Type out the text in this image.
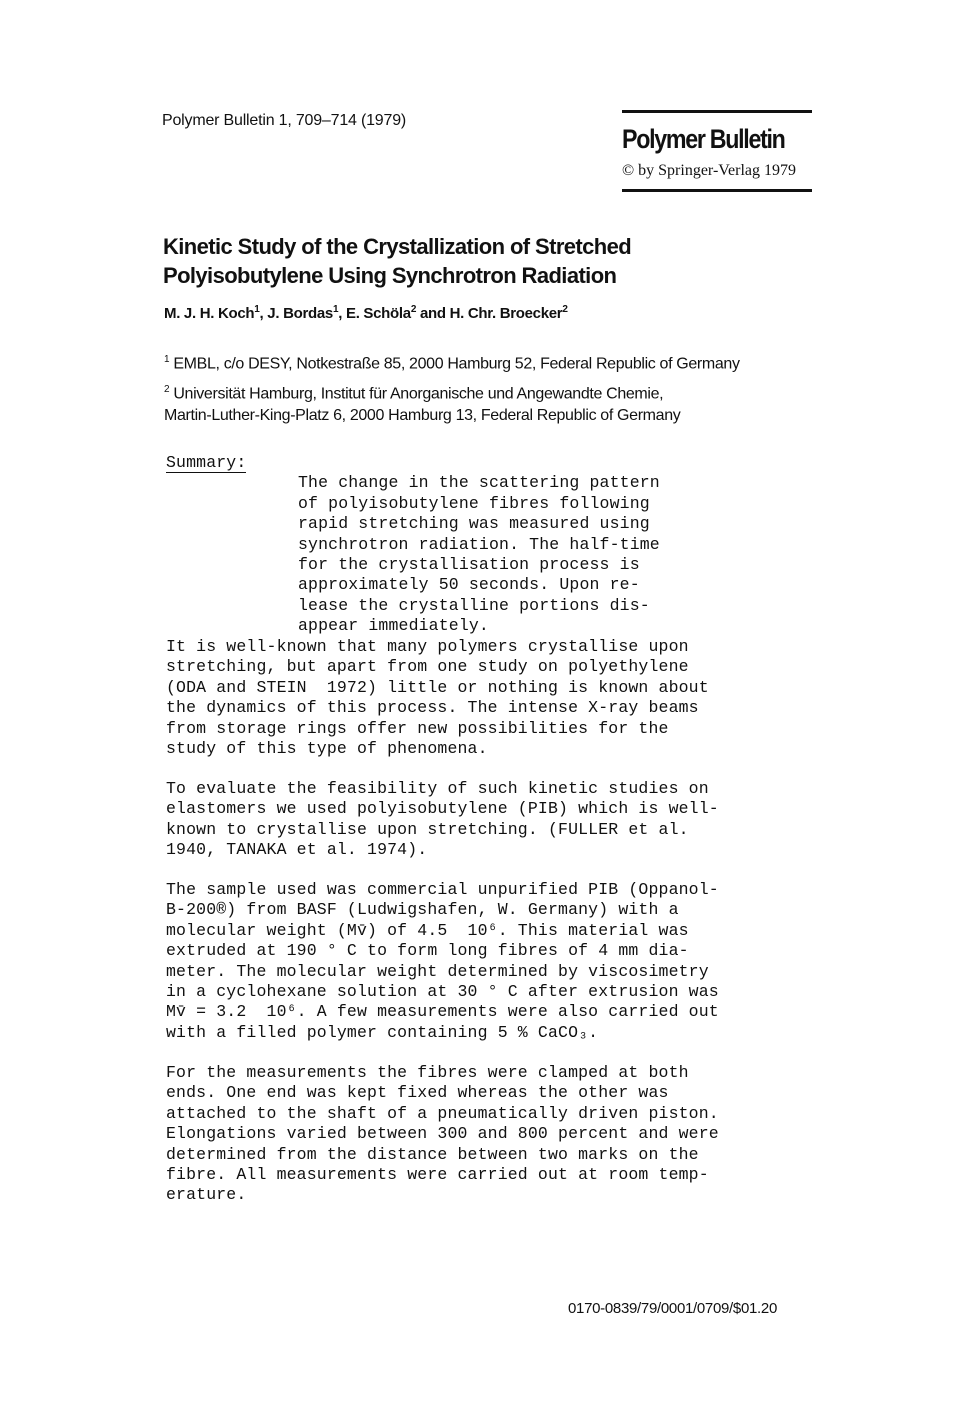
Polymer Bulletin 1, 709–714 (1979)
Polymer Bulletin
© by Springer-Verlag 1979
Kinetic Study of the Crystallization of Stretched
Polyisobutylene Using Synchrotron Radiation
M. J. H. Koch$^1$, J. Bordas$^1$, E. Schöla$^2$ and H. Chr. Broecker$^2$
$^1$ EMBL, c/o DESY, Notkestraße 85, 2000 Hamburg 52, Federal Republic of Germany
$^2$ Universität Hamburg, Institut für Anorganische und Angewandte Chemie,
Martin-Luther-King-Platz 6, 2000 Hamburg 13, Federal Republic of Germany
Summary:

The change in the scattering pattern
of polyisobutylene fibres following
rapid stretching was measured using
synchrotron radiation. The half-time
for the crystallisation process is
approximately 50 seconds. Upon re-
lease the crystalline portions dis-
appear immediately.

It is well-known that many polymers crystallise upon
stretching, but apart from one study on polyethylene
(ODA and STEIN  1972) little or nothing is known about
the dynamics of this process. The intense X-ray beams
from storage rings offer new possibilities for the
study of this type of phenomena.
To evaluate the feasibility of such kinetic studies on
elastomers we used polyisobutylene (PIB) which is well-
known to crystallise upon stretching. (FULLER et al.
1940, TANAKA et al. 1974).
The sample used was commercial unpurified PIB (Oppanol-
B-200®) from BASF (Ludwigshafen, W. Germany) with a
molecular weight (Mv̄) of 4.5  10⁶. This material was
extruded at 190 ° C to form long fibres of 4 mm dia-
meter. The molecular weight determined by viscosimetry
in a cyclohexane solution at 30 ° C after extrusion was
Mv̄ = 3.2  10⁶. A few measurements were also carried out
with a filled polymer containing 5 % CaCO₃.
For the measurements the fibres were clamped at both
ends. One end was kept fixed whereas the other was
attached to the shaft of a pneumatically driven piston.
Elongations varied between 300 and 800 percent and were
determined from the distance between two marks on the
fibre. All measurements were carried out at room temp-
erature.
0170-0839/79/0001/0709/$01.20
